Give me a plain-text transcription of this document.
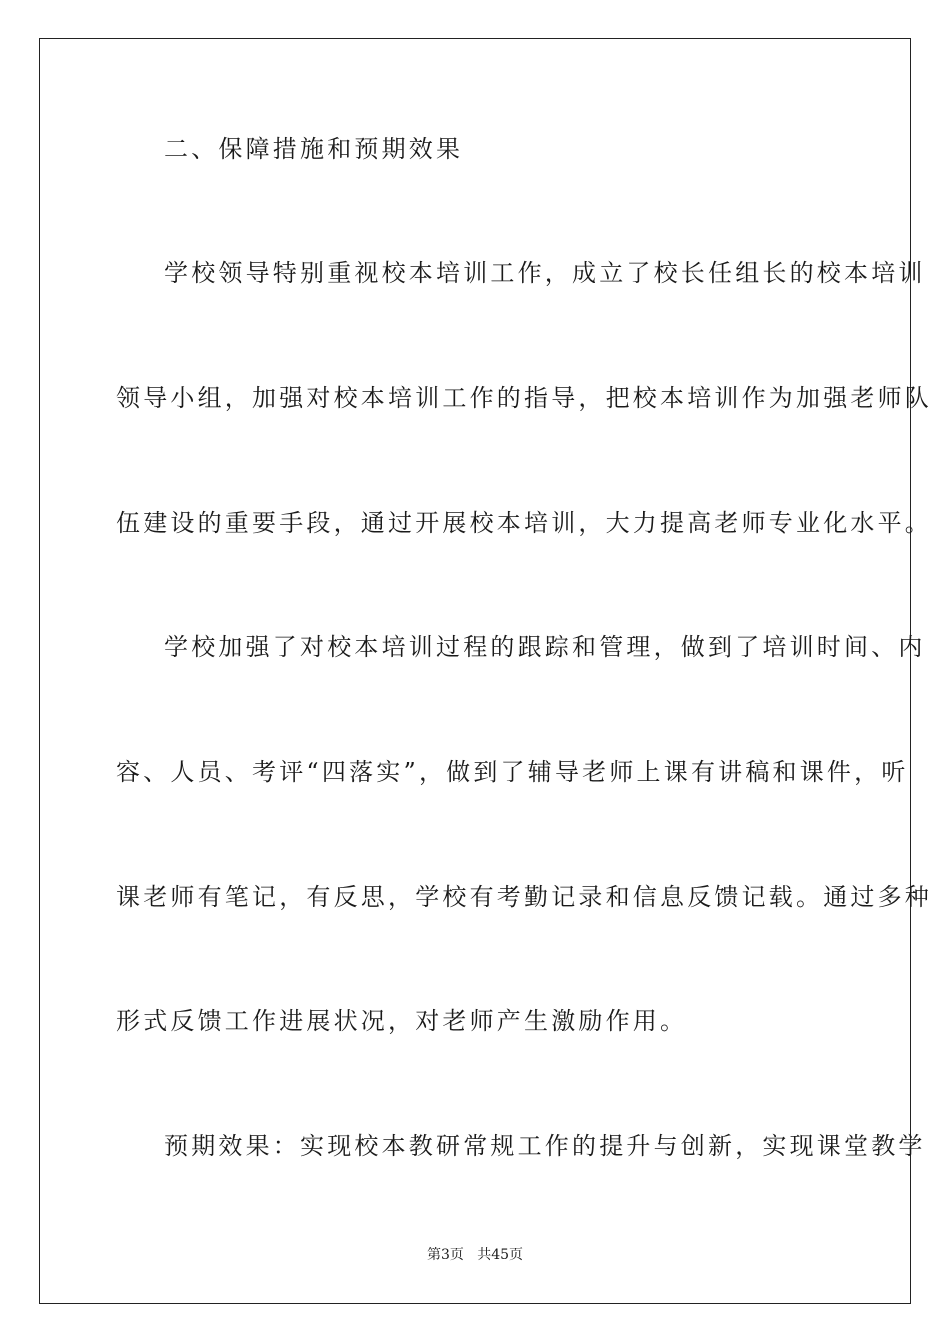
二、保障措施和预期效果
学校领导特别重视校本培训工作，成立了校长任组长的校本培训
领导小组，加强对校本培训工作的指导，把校本培训作为加强老师队
伍建设的重要手段，通过开展校本培训，大力提高老师专业化水平。
学校加强了对校本培训过程的跟踪和管理，做到了培训时间、内
容、人员、考评“四落实”，做到了辅导老师上课有讲稿和课件，听
课老师有笔记，有反思，学校有考勤记录和信息反馈记载。通过多种
形式反馈工作进展状况，对老师产生激励作用。
预期效果：实现校本教研常规工作的提升与创新，实现课堂教学
第3页   共45页
